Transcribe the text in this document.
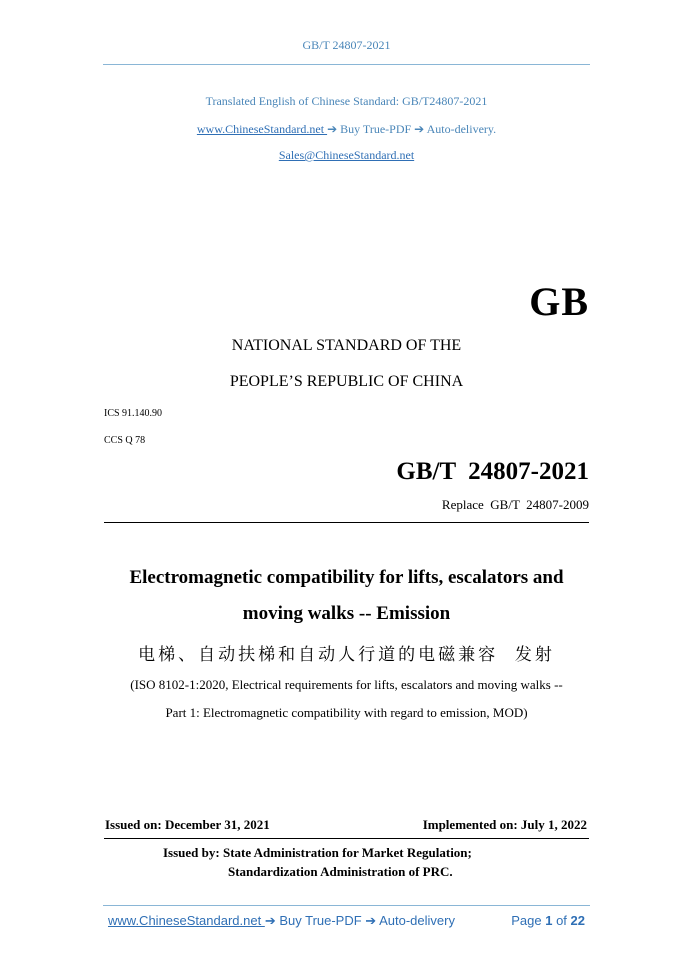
GB/T 24807-2021
Translated English of Chinese Standard: GB/T24807-2021
www.ChineseStandard.net ➔ Buy True-PDF ➔ Auto-delivery.
Sales@ChineseStandard.net
GB
NATIONAL STANDARD OF THE
PEOPLE’S REPUBLIC OF CHINA
ICS 91.140.90
CCS Q 78
GB/T  24807-2021
Replace  GB/T  24807-2009
Electromagnetic compatibility for lifts, escalators and
moving walks -- Emission
电梯、自动扶梯和自动人行道的电磁兼容  发射
(ISO 8102-1:2020, Electrical requirements for lifts, escalators and moving walks --
Part 1: Electromagnetic compatibility with regard to emission, MOD)
Issued on: December 31, 2021	Implemented on: July 1, 2022
Issued by: State Administration for Market Regulation;
Standardization Administration of PRC.
www.ChineseStandard.net ➔ Buy True-PDF ➔ Auto-delivery	Page 1 of 22
